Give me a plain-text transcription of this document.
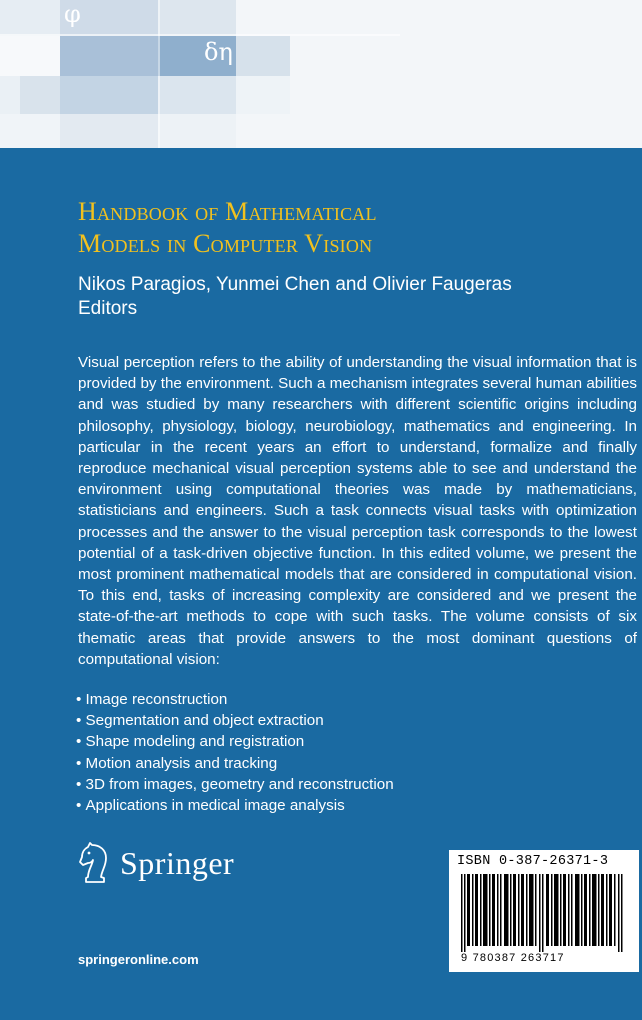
φ
δη
Handbook of Mathematical
Models in Computer Vision
Nikos Paragios, Yunmei Chen and Olivier Faugeras
Editors

Visual perception refers to the ability of understanding the visual information that is provided by the environment. Such a mechanism integrates several human abilities and was studied by many researchers with different scientific origins including philosophy, physiology, biology, neurobiology, mathematics and engineering. In particular in the recent years an effort to understand, formalize and finally reproduce mechanical visual perception systems able to see and understand the environment using computational theories was made by mathematicians, statisticians and engineers. Such a task connects visual tasks with optimization processes and the answer to the visual perception task corresponds to the lowest potential of a task-driven objective function. In this edited volume, we present the most prominent mathematical models that are considered in computational vision. To this end, tasks of increasing complexity are considered and we present the state-of-the-art methods to cope with such tasks. The volume consists of six thematic areas that provide answers to the most dominant questions of computational vision:

• Image reconstruction
• Segmentation and object extraction
• Shape modeling and registration
• Motion analysis and tracking
• 3D from images, geometry and reconstruction
• Applications in medical image analysis
Springer
springeronline.com
ISBN 0-387-26371-3
9 780387 263717
